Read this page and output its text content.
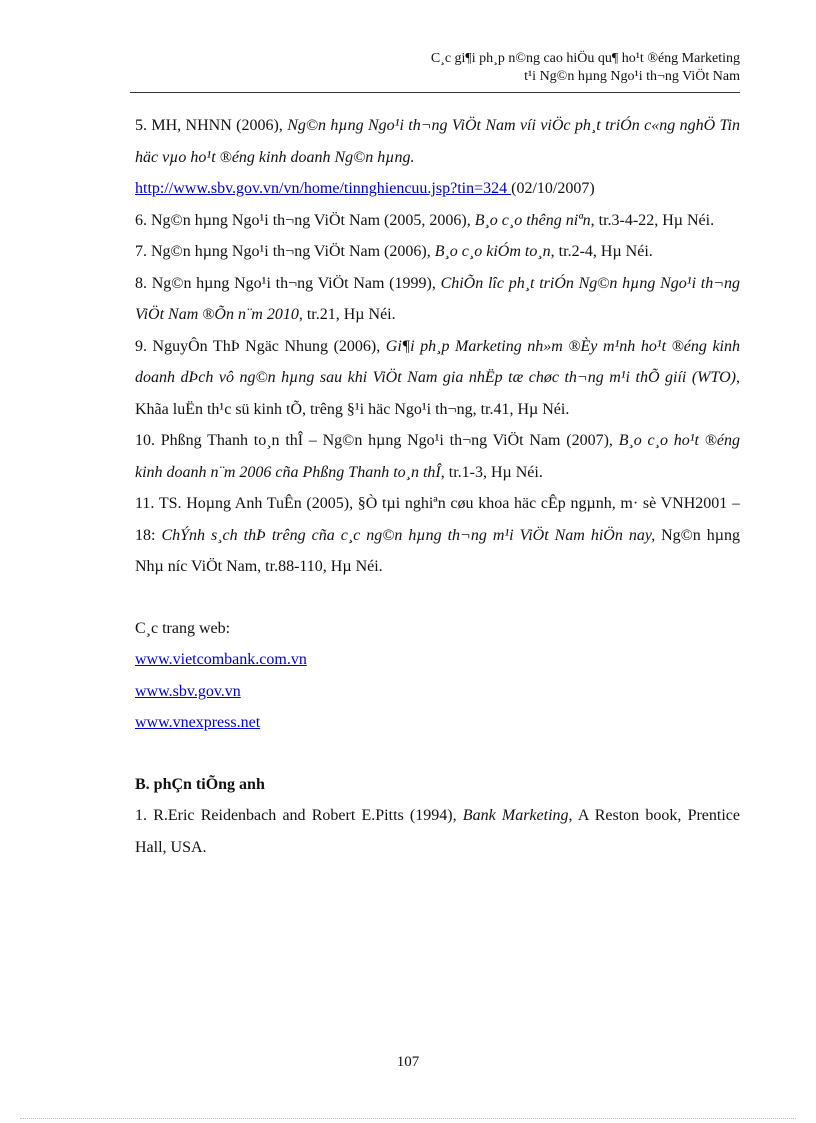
C¸c gi¶i ph¸p n©ng cao hiÖu qu¶ ho¹t ®éng Marketing
t¹i Ng©n hµng Ngo¹i th¬ng ViÖt Nam

5. MH, NHNN (2006), Ng©n hµng Ngo¹i th¬ng ViÖt Nam víi viÖc ph¸t triÓn c«ng nghÖ Tin häc vµo ho¹t ®éng kinh doanh Ng©n hµng.
http://www.sbv.gov.vn/vn/home/tinnghiencuu.jsp?tin=324 (02/10/2007)

6. Ng©n hµng Ngo¹i th¬ng ViÖt Nam (2005, 2006), B¸o c¸o thêng niªn, tr.3-4-22, Hµ Néi.

7. Ng©n hµng Ngo¹i th¬ng ViÖt Nam (2006), B¸o c¸o kiÓm to¸n, tr.2-4, Hµ Néi.

8. Ng©n hµng Ngo¹i th¬ng ViÖt Nam (1999), ChiÕn lîc ph¸t triÓn Ng©n hµng Ngo¹i th¬ng ViÖt Nam ®Õn n¨m 2010, tr.21, Hµ Néi.

9. NguyÔn ThÞ Ngäc Nhung (2006), Gi¶i ph¸p Marketing nh»m ®Èy m¹nh ho¹t ®éng kinh doanh dÞch vô ng©n hµng sau khi ViÖt Nam gia nhËp tæ chøc th¬ng m¹i thÕ giíi (WTO), Khãa luËn th¹c sü kinh tÕ, trêng §¹i häc Ngo¹i th¬ng, tr.41, Hµ Néi.

10. Phßng Thanh to¸n thÎ – Ng©n hµng Ngo¹i th¬ng ViÖt Nam (2007), B¸o c¸o ho¹t ®éng kinh doanh n¨m 2006 cña Phßng Thanh to¸n thÎ, tr.1-3, Hµ Néi.

11. TS. Hoµng Anh TuÊn (2005), §Ò tµi nghiªn cøu khoa häc cÊp ngµnh, m· sè VNH2001 – 18: ChÝnh s¸ch thÞ trêng cña c¸c ng©n hµng th¬ng m¹i ViÖt Nam hiÖn nay, Ng©n hµng Nhµ níc ViÖt Nam, tr.88-110, Hµ Néi.

C¸c trang web:

www.vietcombank.com.vn
www.sbv.gov.vn
www.vnexpress.net

B. phÇn tiÕng anh

1. R.Eric Reidenbach and Robert E.Pitts (1994), Bank Marketing, A Reston book, Prentice Hall, USA.

107
